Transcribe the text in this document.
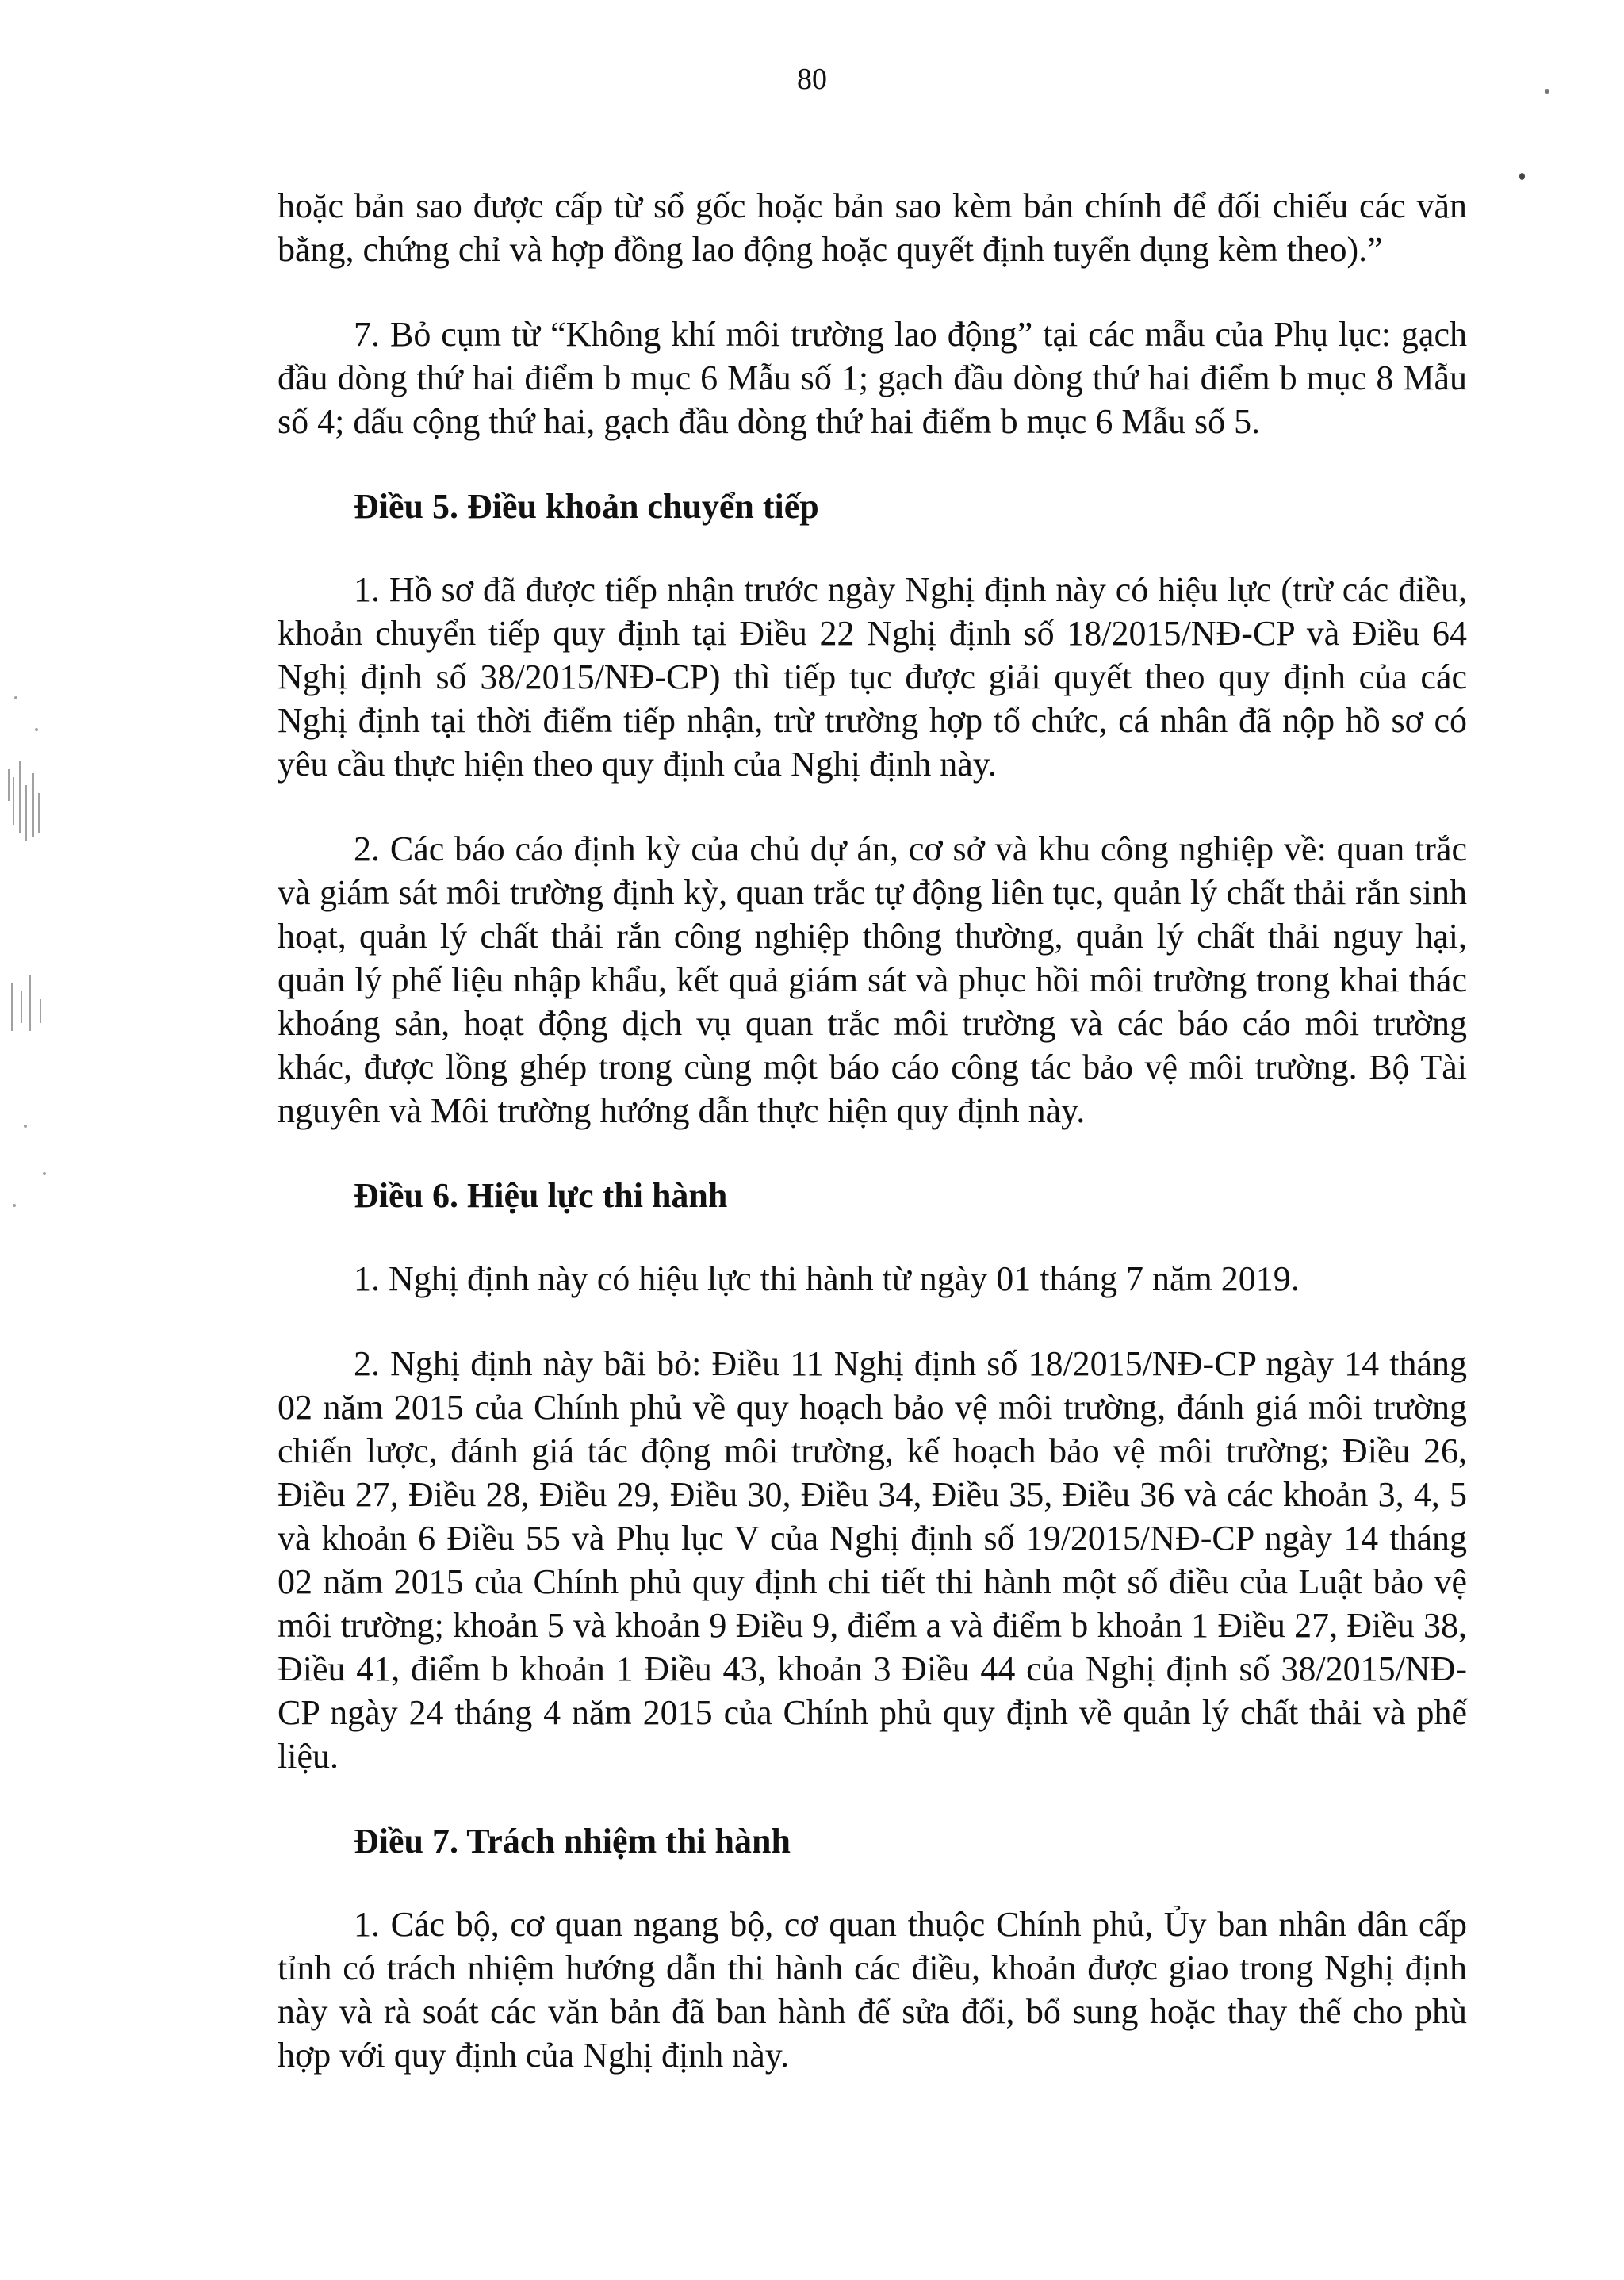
80

hoặc bản sao được cấp từ sổ gốc hoặc bản sao kèm bản chính để đối chiếu các văn bằng, chứng chỉ và hợp đồng lao động hoặc quyết định tuyển dụng kèm theo).”

7. Bỏ cụm từ “Không khí môi trường lao động” tại các mẫu của Phụ lục: gạch đầu dòng thứ hai điểm b mục 6 Mẫu số 1; gạch đầu dòng thứ hai điểm b mục 8 Mẫu số 4; dấu cộng thứ hai, gạch đầu dòng thứ hai điểm b mục 6 Mẫu số 5.

Điều 5. Điều khoản chuyển tiếp

1. Hồ sơ đã được tiếp nhận trước ngày Nghị định này có hiệu lực (trừ các điều, khoản chuyển tiếp quy định tại Điều 22 Nghị định số 18/2015/NĐ-CP và Điều 64 Nghị định số 38/2015/NĐ-CP) thì tiếp tục được giải quyết theo quy định của các Nghị định tại thời điểm tiếp nhận, trừ trường hợp tổ chức, cá nhân đã nộp hồ sơ có yêu cầu thực hiện theo quy định của Nghị định này.

2. Các báo cáo định kỳ của chủ dự án, cơ sở và khu công nghiệp về: quan trắc và giám sát môi trường định kỳ, quan trắc tự động liên tục, quản lý chất thải rắn sinh hoạt, quản lý chất thải rắn công nghiệp thông thường, quản lý chất thải nguy hại, quản lý phế liệu nhập khẩu, kết quả giám sát và phục hồi môi trường trong khai thác khoáng sản, hoạt động dịch vụ quan trắc môi trường và các báo cáo môi trường khác, được lồng ghép trong cùng một báo cáo công tác bảo vệ môi trường. Bộ Tài nguyên và Môi trường hướng dẫn thực hiện quy định này.

Điều 6. Hiệu lực thi hành

1. Nghị định này có hiệu lực thi hành từ ngày 01 tháng 7 năm 2019.

2. Nghị định này bãi bỏ: Điều 11 Nghị định số 18/2015/NĐ-CP ngày 14 tháng 02 năm 2015 của Chính phủ về quy hoạch bảo vệ môi trường, đánh giá môi trường chiến lược, đánh giá tác động môi trường, kế hoạch bảo vệ môi trường; Điều 26, Điều 27, Điều 28, Điều 29, Điều 30, Điều 34, Điều 35, Điều 36 và các khoản 3, 4, 5 và khoản 6 Điều 55 và Phụ lục V của Nghị định số 19/2015/NĐ-CP ngày 14 tháng 02 năm 2015 của Chính phủ quy định chi tiết thi hành một số điều của Luật bảo vệ môi trường; khoản 5 và khoản 9 Điều 9, điểm a và điểm b khoản 1 Điều 27, Điều 38, Điều 41, điểm b khoản 1 Điều 43, khoản 3 Điều 44 của Nghị định số 38/2015/NĐ-CP ngày 24 tháng 4 năm 2015 của Chính phủ quy định về quản lý chất thải và phế liệu.

Điều 7. Trách nhiệm thi hành

1. Các bộ, cơ quan ngang bộ, cơ quan thuộc Chính phủ, Ủy ban nhân dân cấp tỉnh có trách nhiệm hướng dẫn thi hành các điều, khoản được giao trong Nghị định này và rà soát các văn bản đã ban hành để sửa đổi, bổ sung hoặc thay thế cho phù hợp với quy định của Nghị định này.
